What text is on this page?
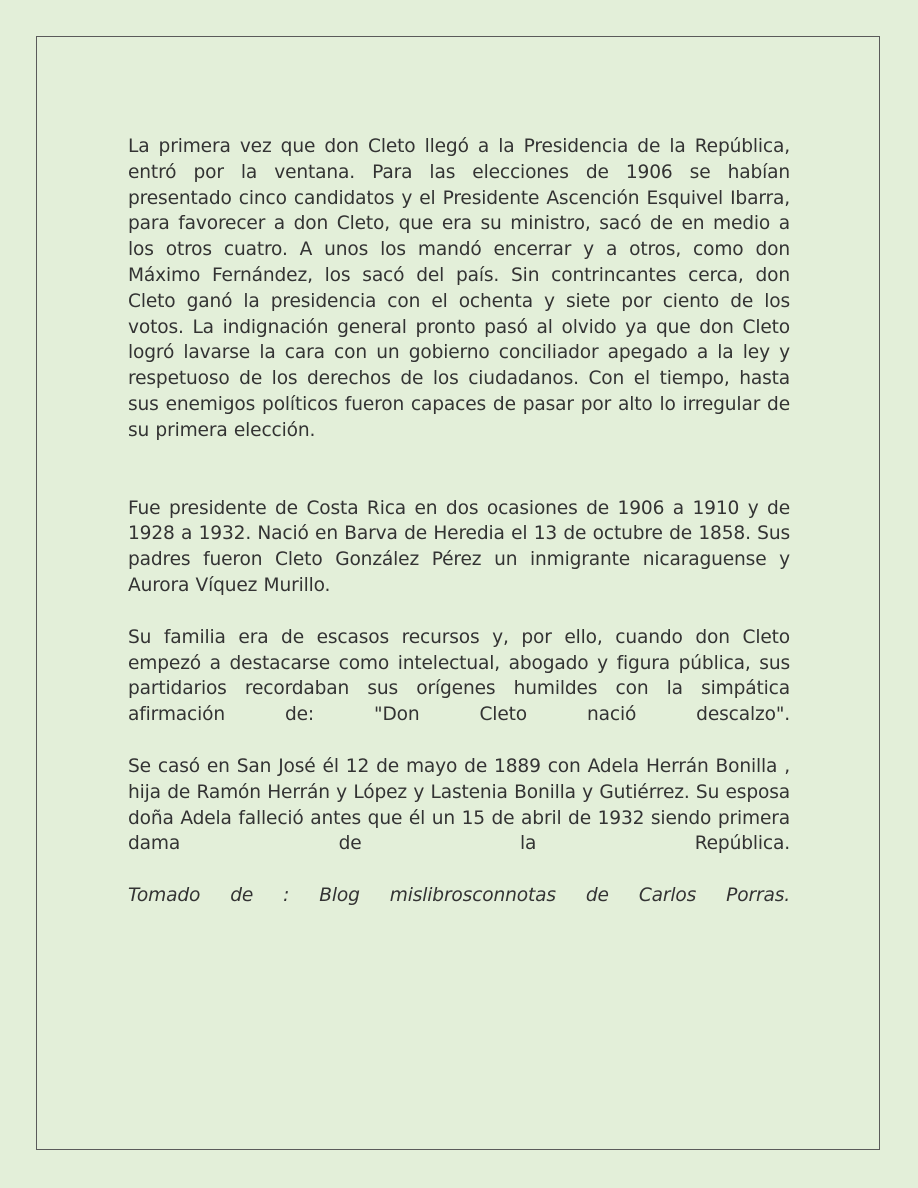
La primera vez que don Cleto llegó a la Presidencia de la República, entró por la ventana. Para las elecciones de 1906 se habían presentado cinco candidatos y el Presidente Ascención Esquivel Ibarra, para favorecer a don Cleto, que era su ministro, sacó de en medio a los otros cuatro. A unos los mandó encerrar y a otros, como don Máximo Fernández, los sacó del país. Sin contrincantes cerca, don Cleto ganó la presidencia con el ochenta y siete por ciento de los votos. La indignación general pronto pasó al olvido ya que don Cleto logró lavarse la cara con un gobierno conciliador apegado a la ley y respetuoso de los derechos de los ciudadanos. Con el tiempo, hasta sus enemigos políticos fueron capaces de pasar por alto lo irregular de su primera elección.

Fue presidente de Costa Rica en dos ocasiones de 1906 a 1910 y de 1928 a 1932. Nació en Barva de Heredia el 13 de octubre de 1858. Sus padres fueron Cleto González Pérez un inmigrante nicaraguense y Aurora Víquez Murillo.

Su familia era de escasos recursos y, por ello, cuando don Cleto empezó a destacarse como intelectual, abogado y figura pública, sus partidarios recordaban sus orígenes humildes con la simpática afirmación de: "Don Cleto nació descalzo".

Se casó en San José él 12 de mayo de 1889 con Adela Herrán Bonilla , hija de Ramón Herrán y López y Lastenia Bonilla y Gutiérrez. Su esposa doña Adela falleció antes que él un 15 de abril de 1932 siendo primera dama de la República.

Tomado de : Blog mislibrosconnotas de Carlos Porras.
